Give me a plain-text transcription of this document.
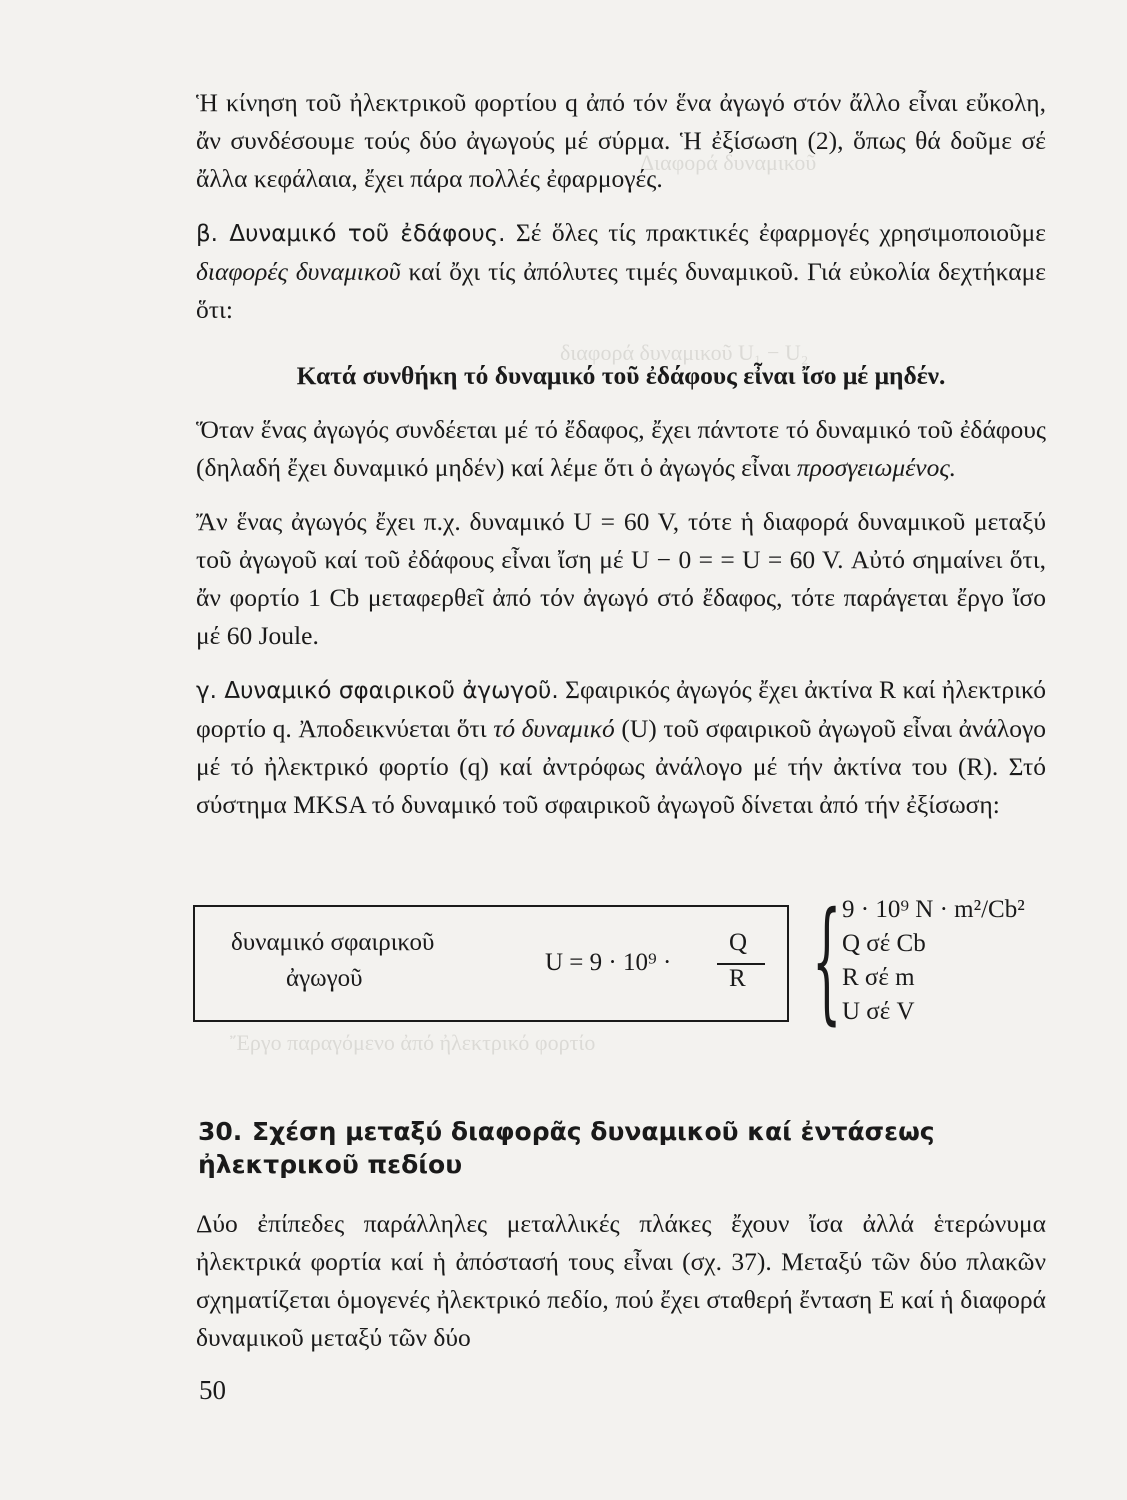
Διαφορά δυναμικοῦ
διαφορά δυναμικοῦ U₁ − U₂
Ἔργο παραγόμενο ἀπό ἠλεκτρικό φορτίο

Ἡ κίνηση τοῦ ἠλεκτρικοῦ φορτίου q ἀπό τόν ἕνα ἀγωγό στόν ἄλλο εἶναι εὔκολη, ἄν συνδέσουμε τούς δύο ἀγωγούς μέ σύρμα. Ἡ ἐξίσωση (2), ὅπως θά δοῦμε σέ ἄλλα κεφάλαια, ἔχει πάρα πολλές ἐφαρμογές.

β. Δυναμικό τοῦ ἐδάφους. Σέ ὅλες τίς πρακτικές ἐφαρμογές χρησιμοποιοῦμε διαφορές δυναμικοῦ καί ὄχι τίς ἀπόλυτες τιμές δυναμικοῦ. Γιά εὐκολία δεχτήκαμε ὅτι:

Κατά συνθήκη τό δυναμικό τοῦ ἐδάφους εἶναι ἴσο μέ μηδέν.

Ὅταν ἕνας ἀγωγός συνδέεται μέ τό ἔδαφος, ἔχει πάντοτε τό δυναμικό τοῦ ἐδάφους (δηλαδή ἔχει δυναμικό μηδέν) καί λέμε ὅτι ὁ ἀγωγός εἶναι προσγειωμένος.

Ἄν ἕνας ἀγωγός ἔχει π.χ. δυναμικό U = 60 V, τότε ἡ διαφορά δυναμικοῦ μεταξύ τοῦ ἀγωγοῦ καί τοῦ ἐδάφους εἶναι ἴση μέ U − 0 = = U = 60 V. Αὐτό σημαίνει ὅτι, ἄν φορτίο 1 Cb μεταφερθεῖ ἀπό τόν ἀγωγό στό ἔδαφος, τότε παράγεται ἔργο ἴσο μέ 60 Joule.

γ. Δυναμικό σφαιρικοῦ ἀγωγοῦ. Σφαιρικός ἀγωγός ἔχει ἀκτίνα R καί ἠλεκτρικό φορτίο q. Ἀποδεικνύεται ὅτι τό δυναμικό (U) τοῦ σφαιρικοῦ ἀγωγοῦ εἶναι ἀνάλογο μέ τό ἠλεκτρικό φορτίο (q) καί ἀντρόφως ἀνάλογο μέ τήν ἀκτίνα του (R). Στό σύστημα MKSA τό δυναμικό τοῦ σφαιρικοῦ ἀγωγοῦ δίνεται ἀπό τήν ἐξίσωση:

δυναμικό σφαιρικοῦ
ἀγωγοῦ
U = 9 · 10⁹ ·
Q
R { 9 · 10⁹ N · m²/Cb²
Q σέ Cb
R σέ m
U σέ V
30. Σχέση μεταξύ διαφορᾶς δυναμικοῦ καί ἐντάσεως ἠλεκτρικοῦ πεδίου

Δύο ἐπίπεδες παράλληλες μεταλλικές πλάκες ἔχουν ἴσα ἀλλά ἑτερώνυμα ἠλεκτρικά φορτία καί ἡ ἀπόστασή τους εἶναι (σχ. 37). Μεταξύ τῶν δύο πλακῶν σχηματίζεται ὁμογενές ἠλεκτρικό πεδίο, πού ἔχει σταθερή ἔνταση E καί ἡ διαφορά δυναμικοῦ μεταξύ τῶν δύο

50
